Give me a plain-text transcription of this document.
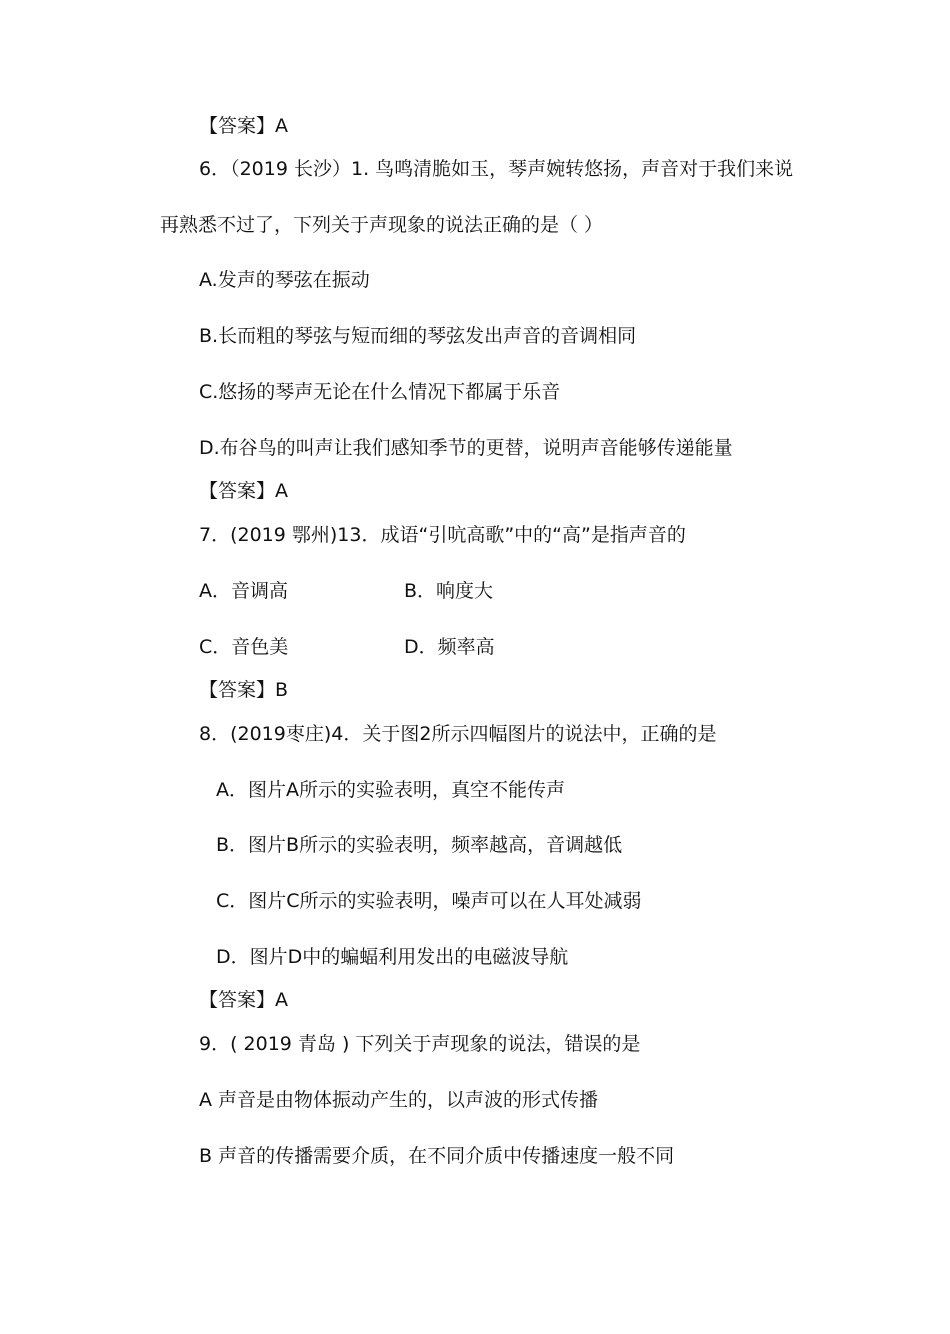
【答案】A
6．（2019 长沙）1. 鸟鸣清脆如玉，琴声婉转悠扬，声音对于我们来说
再熟悉不过了，下列关于声现象的说法正确的是（ ）
A.发声的琴弦在振动
B.长而粗的琴弦与短而细的琴弦发出声音的音调相同
C.悠扬的琴声无论在什么情况下都属于乐音
D.布谷鸟的叫声让我们感知季节的更替，说明声音能够传递能量
【答案】A
7．(2019 鄂州)13．成语“引吭高歌”中的“高”是指声音的
A．音调高	B．响度大
C．音色美	D．频率高
【答案】B
8．(2019枣庄)4．关于图2所示四幅图片的说法中，正确的是
A．图片A所示的实验表明，真空不能传声
B．图片B所示的实验表明，频率越高，音调越低
C．图片C所示的实验表明，噪声可以在人耳处减弱
D．图片D中的蝙蝠利用发出的电磁波导航
【答案】A
9．( 2019 青岛 ) 下列关于声现象的说法，错误的是
A 声音是由物体振动产生的，以声波的形式传播
B 声音的传播需要介质，在不同介质中传播速度一般不同
